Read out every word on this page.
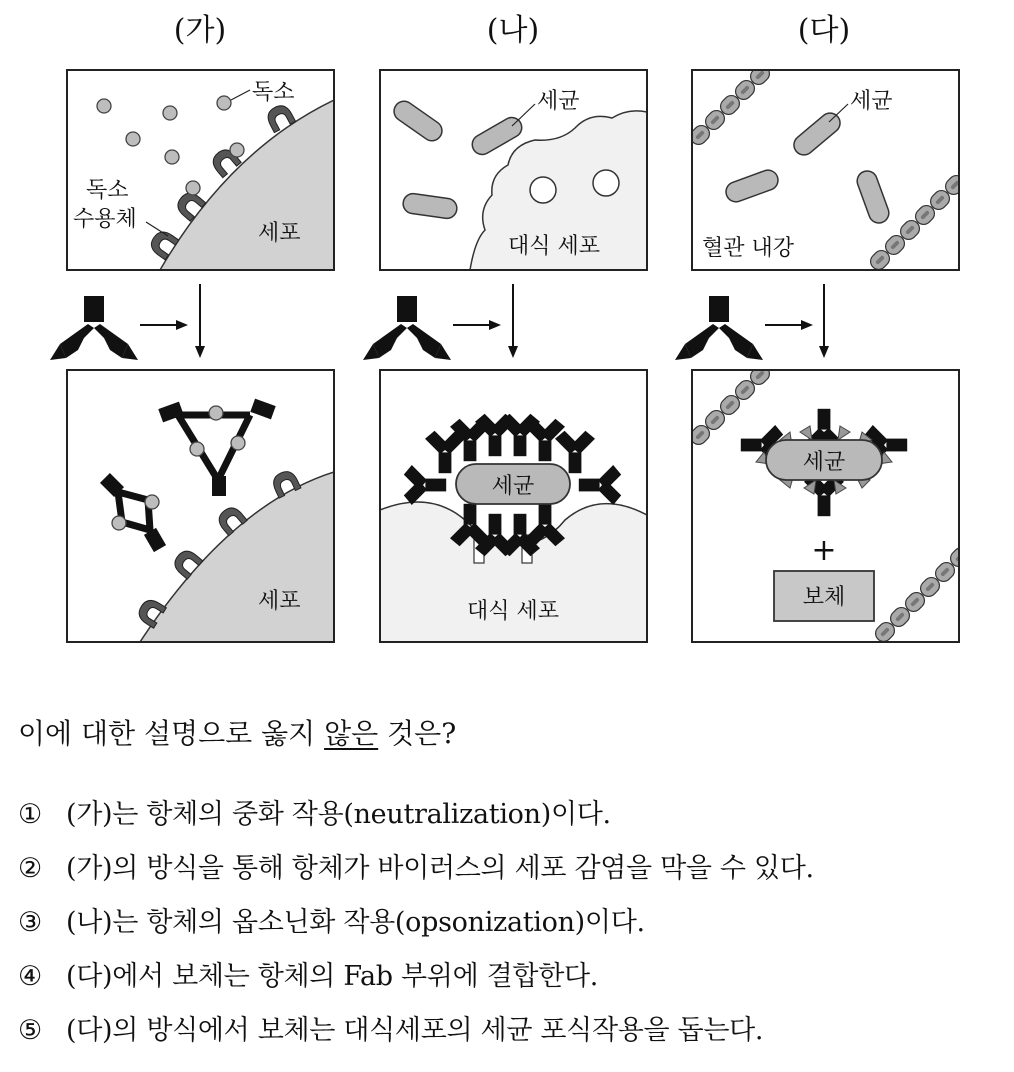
(가)	(나)	(다)
독소
독소
수용체
세포
세균
대식 세포
세균
혈관 내강
세포
세균
대식 세포
세균
+
보체
이에 대한 설명으로 옳지 않은 것은?
① (가)는 항체의 중화 작용(neutralization)이다.
② (가)의 방식을 통해 항체가 바이러스의 세포 감염을 막을 수 있다.
③ (나)는 항체의 옵소닌화 작용(opsonization)이다.
④ (다)에서 보체는 항체의 Fab 부위에 결합한다.
⑤ (다)의 방식에서 보체는 대식세포의 세균 포식작용을 돕는다.
